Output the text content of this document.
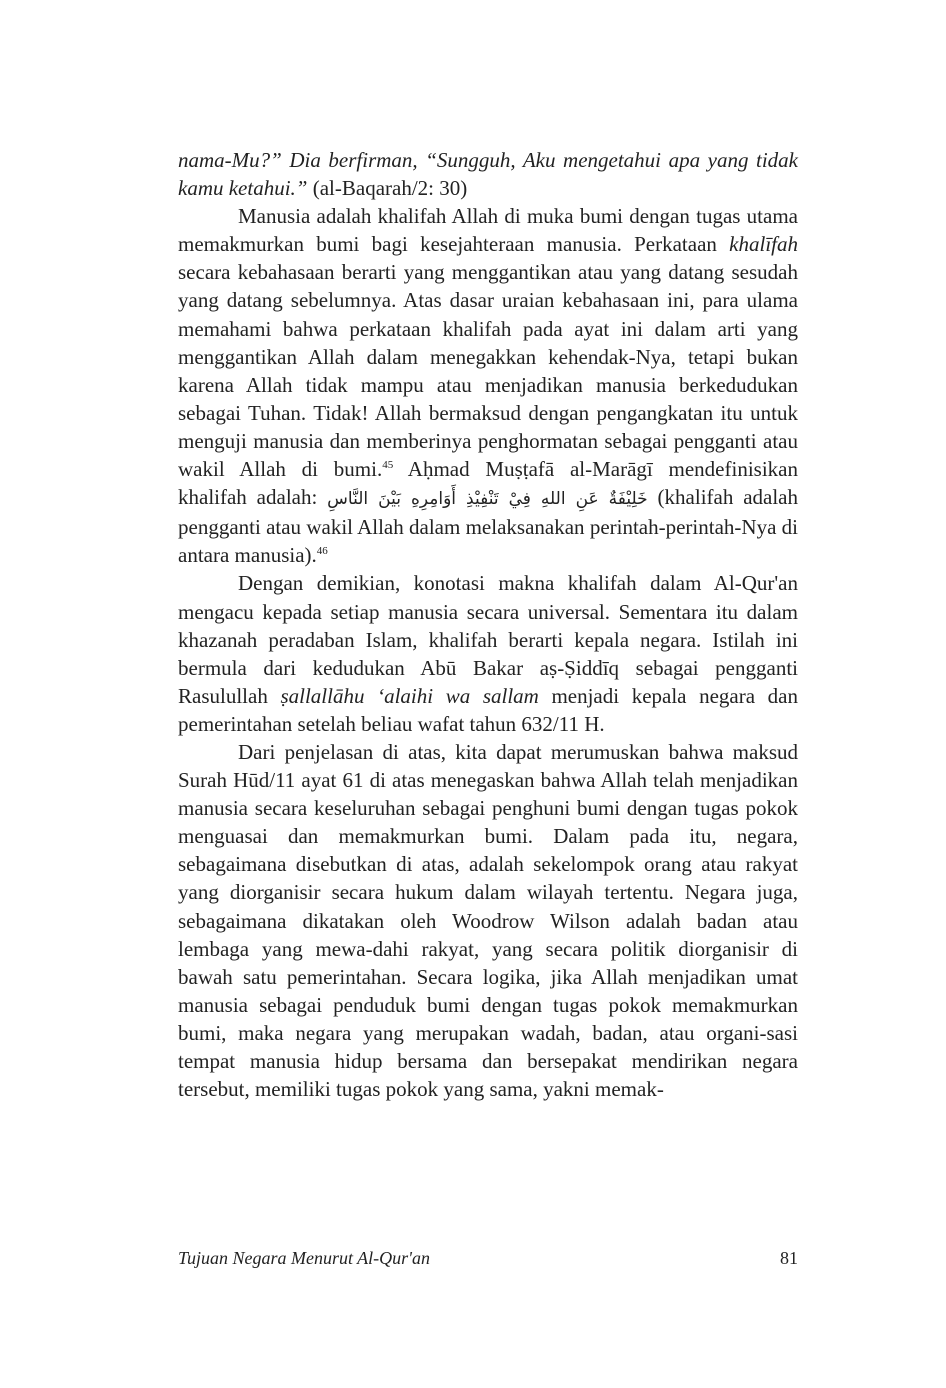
nama-Mu?” Dia berfirman, “Sungguh, Aku mengetahui apa yang tidak kamu ketahui.” (al-Baqarah/2: 30)

Manusia adalah khalifah Allah di muka bumi dengan tugas utama memakmurkan bumi bagi kesejahteraan manusia. Perkataan khalīfah secara kebahasaan berarti yang menggantikan atau yang datang sesudah yang datang sebelumnya. Atas dasar uraian kebahasaan ini, para ulama memahami bahwa perkataan khalifah pada ayat ini dalam arti yang menggantikan Allah dalam menegakkan kehendak-Nya, tetapi bukan karena Allah tidak mampu atau menjadikan manusia berkedudukan sebagai Tuhan. Tidak! Allah bermaksud dengan pengangkatan itu untuk menguji manusia dan memberinya penghormatan sebagai pengganti atau wakil Allah di bumi.$^{45}$ Aḥmad Muṣṭafā al-Marāgī mendefinisikan khalifah adalah: خَلِيْفَةٌ عَنِ اللهِ فِيْ تَنْفِيْذِ أَوَامِرِهِ بَيْنَ النَّاسِ (khalifah adalah pengganti atau wakil Allah dalam melaksanakan perintah-perintah-Nya di antara manusia).$^{46}$

Dengan demikian, konotasi makna khalifah dalam Al-Qur'an mengacu kepada setiap manusia secara universal. Sementara itu dalam khazanah peradaban Islam, khalifah berarti kepala negara. Istilah ini bermula dari kedudukan Abū Bakar aṣ-Ṣiddīq sebagai pengganti Rasulullah ṣallallāhu ‘alaihi wa sallam menjadi kepala negara dan pemerintahan setelah beliau wafat tahun 632/11 H.

Dari penjelasan di atas, kita dapat merumuskan bahwa maksud Surah Hūd/11 ayat 61 di atas menegaskan bahwa Allah telah menjadikan manusia secara keseluruhan sebagai penghuni bumi dengan tugas pokok menguasai dan memakmurkan bumi. Dalam pada itu, negara, sebagaimana disebutkan di atas, adalah sekelompok orang atau rakyat yang diorganisir secara hukum dalam wilayah tertentu. Negara juga, sebagaimana dikatakan oleh Woodrow Wilson adalah badan atau lembaga yang mewa-dahi rakyat, yang secara politik diorganisir di bawah satu pemerintahan. Secara logika, jika Allah menjadikan umat manusia sebagai penduduk bumi dengan tugas pokok memakmurkan bumi, maka negara yang merupakan wadah, badan, atau organi-sasi tempat manusia hidup bersama dan bersepakat mendirikan negara tersebut, memiliki tugas pokok yang sama, yakni memak-

Tujuan Negara Menurut Al-Qur'an	81
